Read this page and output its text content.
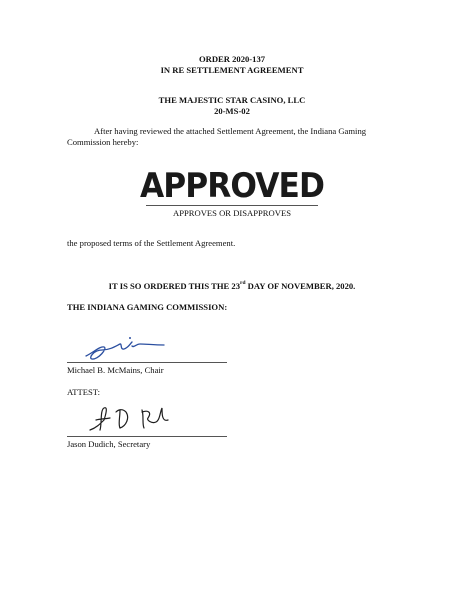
ORDER 2020-137
IN RE SETTLEMENT AGREEMENT
THE MAJESTIC STAR CASINO, LLC
20-MS-02
After having reviewed the attached Settlement Agreement, the Indiana Gaming
Commission hereby:
APPROVED
APPROVES OR DISAPPROVES
the proposed terms of the Settlement Agreement.
IT IS SO ORDERED THIS THE 23rd DAY OF NOVEMBER, 2020.
THE INDIANA GAMING COMMISSION:
Michael B. McMains, Chair
ATTEST:
Jason Dudich, Secretary
